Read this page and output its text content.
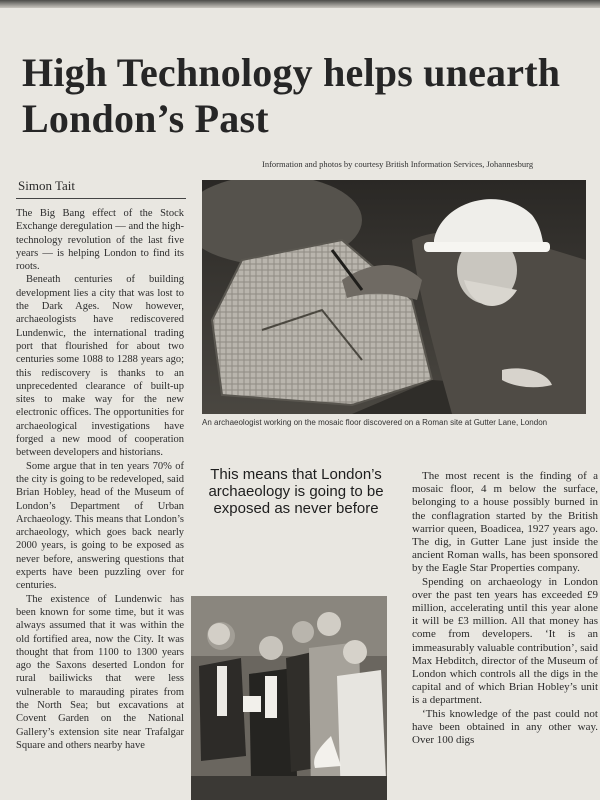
High Technology helps unearth London’s Past
Information and photos by courtesy British Information Services, Johannesburg
Simon Tait

The Big Bang effect of the Stock Exchange deregulation — and the high-technology revolution of the last five years — is helping London to find its roots.

Beneath centuries of building development lies a city that was lost to the Dark Ages. Now however, archaeologists have rediscovered Lundenwic, the international trading port that flourished for about two centuries some 1088 to 1288 years ago; this rediscovery is thanks to an unprecedented clearance of built-up sites to make way for the new electronic offices. The opportunities for archaeological investigations have forged a new mood of cooperation between developers and historians.

Some argue that in ten years 70% of the city is going to be redeveloped, said Brian Hobley, head of the Museum of London’s Department of Urban Archaeology. This means that London’s archaeology, which goes back nearly 2000 years, is going to be exposed as never before, answering questions that experts have been puzzling over for centuries.

The existence of Lundenwic has been known for some time, but it was always assumed that it was within the old fortified area, now the City. It was thought that from 1100 to 1300 years ago the Saxons deserted London for rural bailiwicks that were less vulnerable to marauding pirates from the North Sea; but excavations at Covent Garden on the National Gallery’s extension site near Trafalgar Square and others nearby have

An archaeologist working on the mosaic floor discovered on a Roman site at Gutter Lane, London
This means that London’s archaeology is going to be exposed as never before

The most recent is the finding of a mosaic floor, 4 m below the surface, belonging to a house possibly burned in the conflagration started by the British warrior queen, Boadicea, 1927 years ago. The dig, in Gutter Lane just inside the ancient Roman walls, has been sponsored by the Eagle Star Properties company.

Spending on archaeology in London over the past ten years has exceeded £9 million, accelerating until this year alone it will be £3 million. All that money has come from developers. ‘It is an immeasurably valuable contribution’, said Max Hebditch, director of the Museum of London which controls all the digs in the capital and of which Brian Hobley’s unit is a department.

‘This knowledge of the past could not have been obtained in any other way. Over 100 digs
